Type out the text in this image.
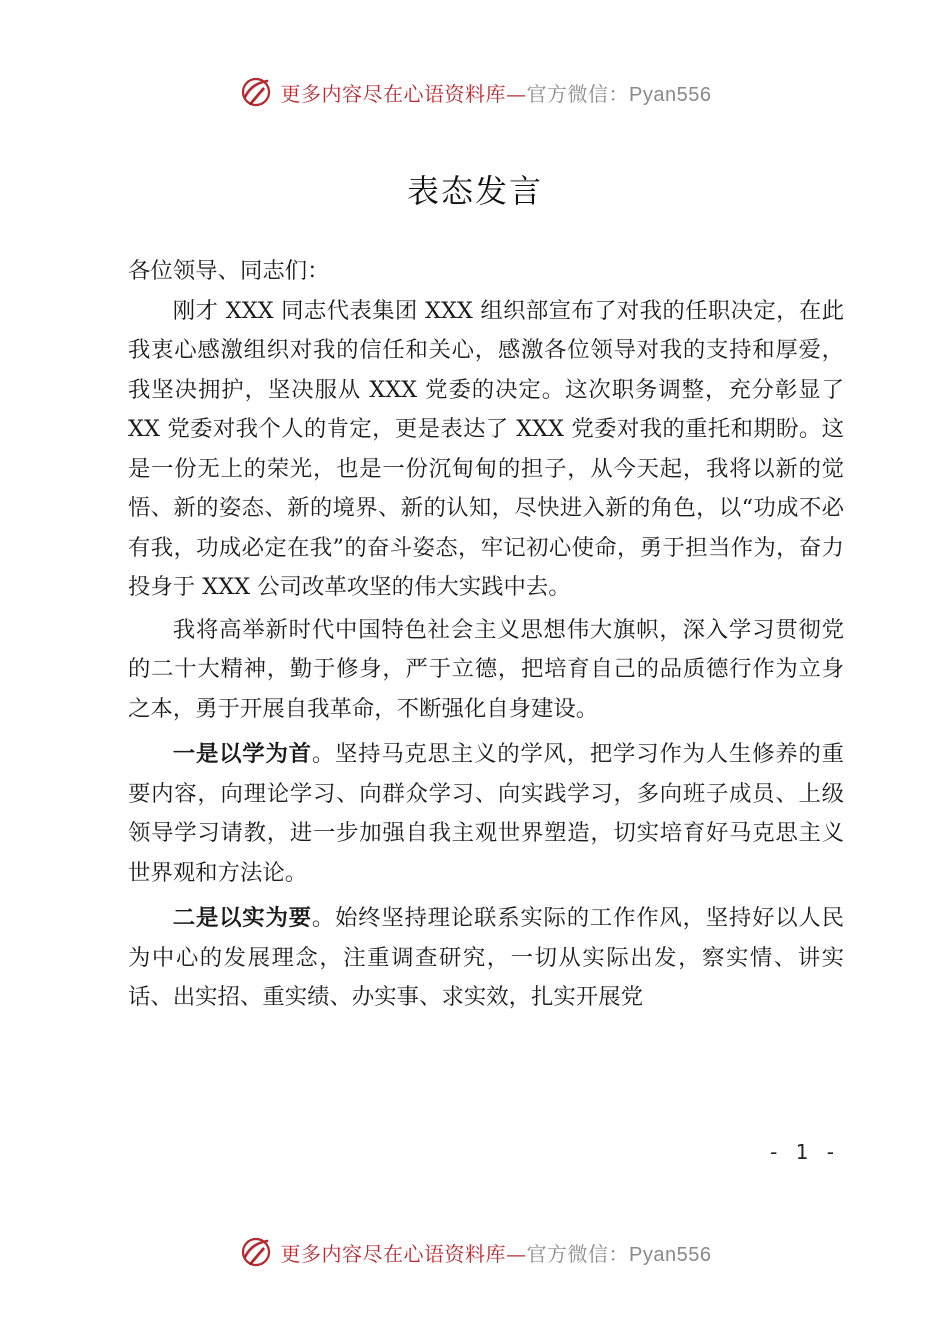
更多内容尽在心语资料库—官方微信：Pyan556
表态发言

各位领导、同志们：

刚才 XXX 同志代表集团 XXX 组织部宣布了对我的任职决定，在此我衷心感激组织对我的信任和关心，感激各位领导对我的支持和厚爱，我坚决拥护，坚决服从 XXX 党委的决定。这次职务调整，充分彰显了 XX 党委对我个人的肯定，更是表达了 XXX 党委对我的重托和期盼。这是一份无上的荣光，也是一份沉甸甸的担子，从今天起，我将以新的觉悟、新的姿态、新的境界、新的认知，尽快进入新的角色，以“功成不必有我，功成必定在我”的奋斗姿态，牢记初心使命，勇于担当作为，奋力投身于 XXX 公司改革攻坚的伟大实践中去。

我将高举新时代中国特色社会主义思想伟大旗帜，深入学习贯彻党的二十大精神，勤于修身，严于立德，把培育自己的品质德行作为立身之本，勇于开展自我革命，不断强化自身建设。

一是以学为首。坚持马克思主义的学风，把学习作为人生修养的重要内容，向理论学习、向群众学习、向实践学习，多向班子成员、上级领导学习请教，进一步加强自我主观世界塑造，切实培育好马克思主义世界观和方法论。

二是以实为要。始终坚持理论联系实际的工作作风，坚持好以人民为中心的发展理念，注重调查研究，一切从实际出发，察实情、讲实话、出实招、重实绩、办实事、求实效，扎实开展党

- 1 -
更多内容尽在心语资料库—官方微信：Pyan556
